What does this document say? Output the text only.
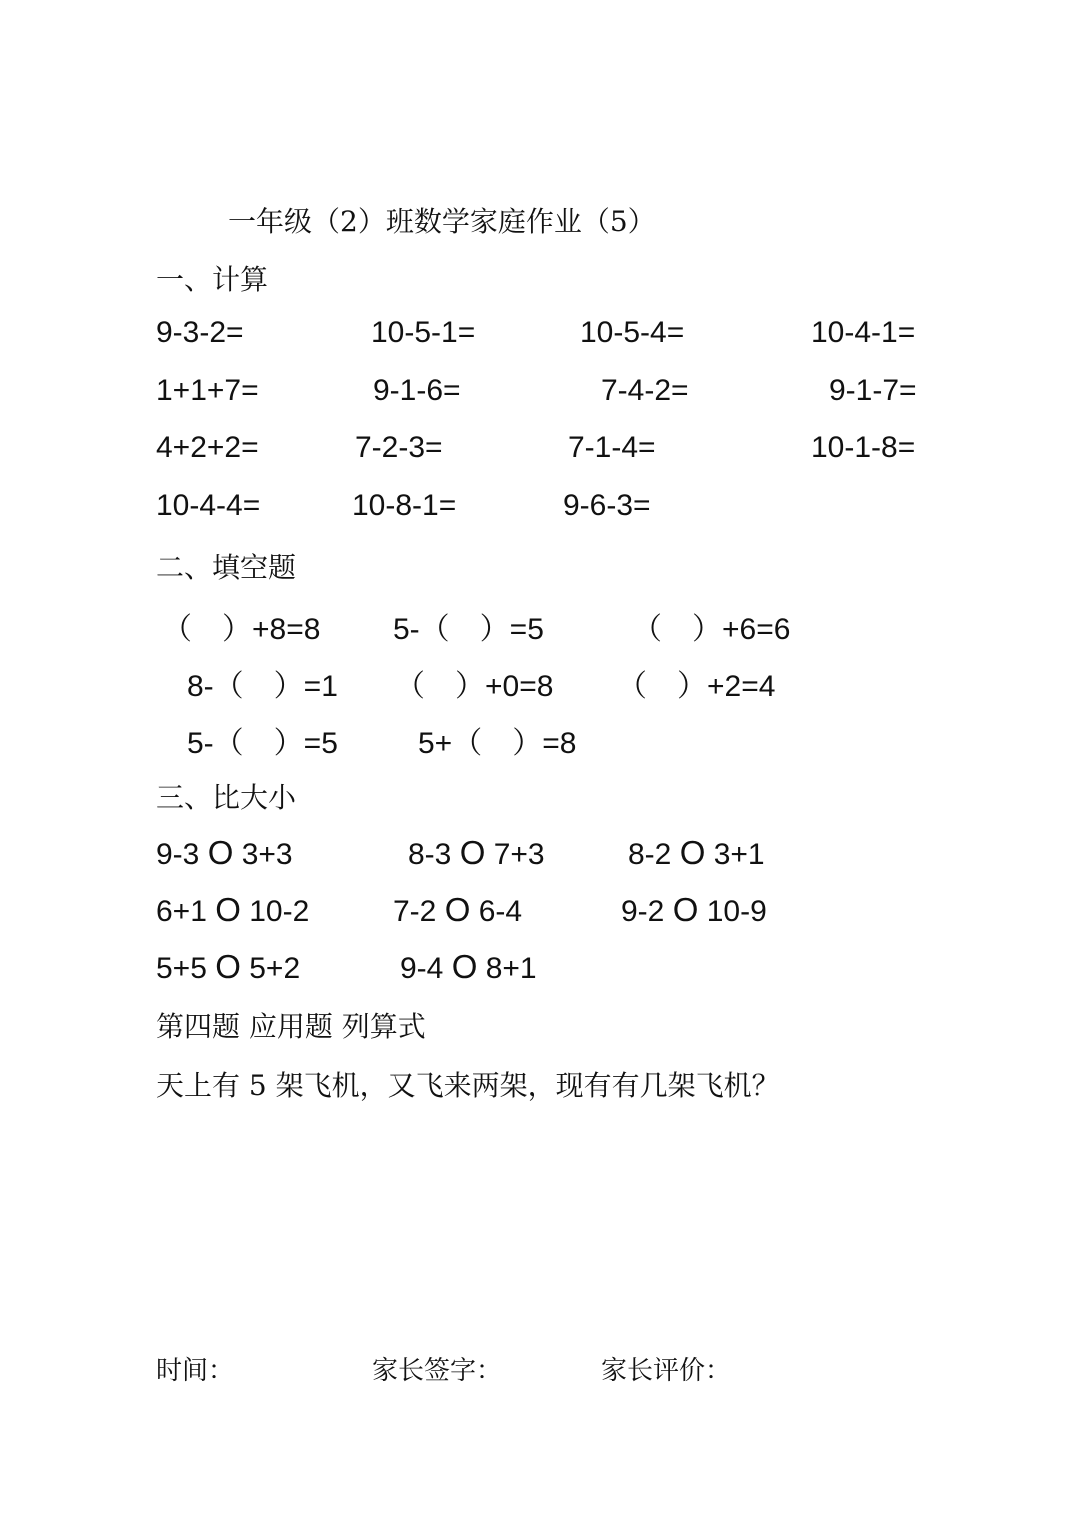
一年级（2）班数学家庭作业（5）
一、计算
9-3-2=	10-5-1=	10-5-4=	10-4-1=
1+1+7=	9-1-6=	7-4-2=	9-1-7=
4+2+2=	7-2-3=	7-1-4=	10-1-8=
10-4-4=	10-8-1=	9-6-3=
二、填空题
（　）+8=8 5-（　）=5	（　）+6=6
8-（　）=1 （　）+0=8 （　）+2=4
5-（　）=5	5+（　）=8
三、比大小
9-3 O 3+3	8-3 O 7+3	8-2 O 3+1
6+1 O 10-2	7-2 O 6-4	9-2 O 10-9
5+5 O 5+2	9-4 O 8+1
第四题 应用题 列算式
天上有 5 架飞机，又飞来两架，现有有几架飞机？
时间：	家长签字：	家长评价：
